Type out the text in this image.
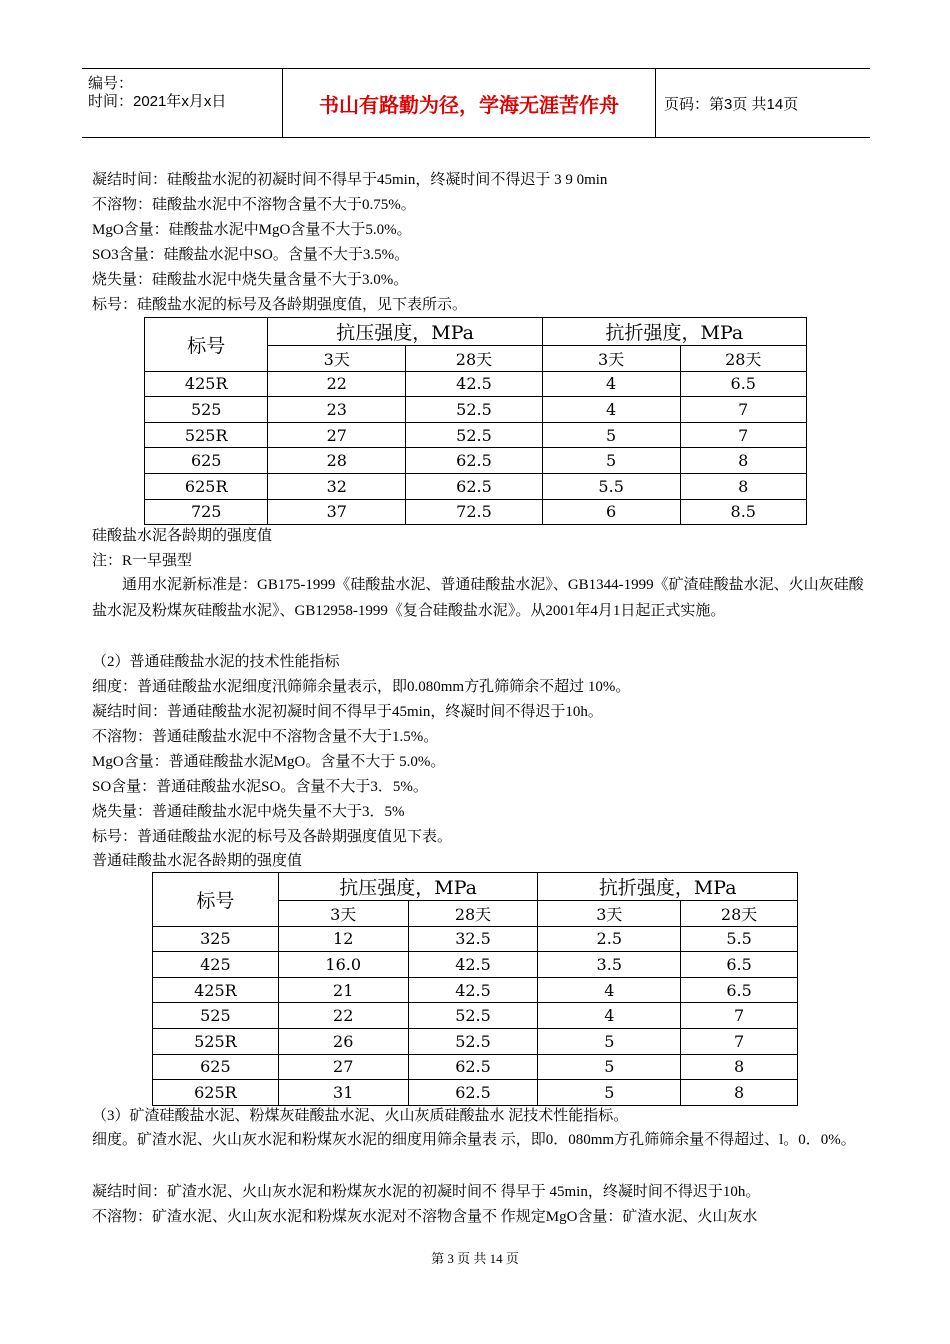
编号：
时间：2021年x月x日	书山有路勤为径，学海无涯苦作舟	页码：第3页 共14页
凝结时间：硅酸盐水泥的初凝时间不得早于45min，终凝时间不得迟于 3 9 0min
不溶物：硅酸盐水泥中不溶物含量不大于0.75%。
MgO含量：硅酸盐水泥中MgO含量不大于5.0%。
SO3含量：硅酸盐水泥中SO。含量不大于3.5%。
烧失量：硅酸盐水泥中烧失量含量不大于3.0%。
标号：硅酸盐水泥的标号及各龄期强度值，见下表所示。
标号	抗压强度，MPa		抗折强度，MPa	
	3天	28天	3天	28天
425R	22	42.5	4	6.5
525	23	52.5	4	7
525R	27	52.5	5	7
625	28	62.5	5	8
625R	32	62.5	5.5	8
725	37	72.5	6	8.5
硅酸盐水泥各龄期的强度值
注：R一早强型
通用水泥新标准是：GB175-1999《硅酸盐水泥、普通硅酸盐水泥》、GB1344-1999《矿渣硅酸盐水泥、火山灰硅酸盐水泥及粉煤灰硅酸盐水泥》、GB12958-1999《复合硅酸盐水泥》。从2001年4月1日起正式实施。
（2）普通硅酸盐水泥的技术性能指标
细度：普通硅酸盐水泥细度汛筛筛余量表示，即0.080mm方孔筛筛余不超过 10%。
凝结时间：普通硅酸盐水泥初凝时间不得早于45min，终凝时间不得迟于10h。
不溶物：普通硅酸盐水泥中不溶物含量不大于1.5%。
MgO含量：普通硅酸盐水泥MgO。含量不大于 5.0%。
SO含量：普通硅酸盐水泥SO。含量不大于3．5%。
烧失量：普通硅酸盐水泥中烧失量不大于3．5%
标号：普通硅酸盐水泥的标号及各龄期强度值见下表。
普通硅酸盐水泥各龄期的强度值
标号	抗压强度，MPa		抗折强度，MPa	
	3天	28天	3天	28天
325	12	32.5	2.5	5.5
425	16.0	42.5	3.5	6.5
425R	21	42.5	4	6.5
525	22	52.5	4	7
525R	26	52.5	5	7
625	27	62.5	5	8
625R	31	62.5	5	8
（3）矿渣硅酸盐水泥、粉煤灰硅酸盐水泥、火山灰质硅酸盐水 泥技术性能指标。
细度。矿渣水泥、火山灰水泥和粉煤灰水泥的细度用筛余量表 示，即0．080mm方孔筛筛余量不得超过、l。0．0%。
凝结时间：矿渣水泥、火山灰水泥和粉煤灰水泥的初凝时间不 得早于 45min，终凝时间不得迟于10h。
不溶物：矿渣水泥、火山灰水泥和粉煤灰水泥对不溶物含量不 作规定MgO含量：矿渣水泥、火山灰水
第 3 页 共 14 页
